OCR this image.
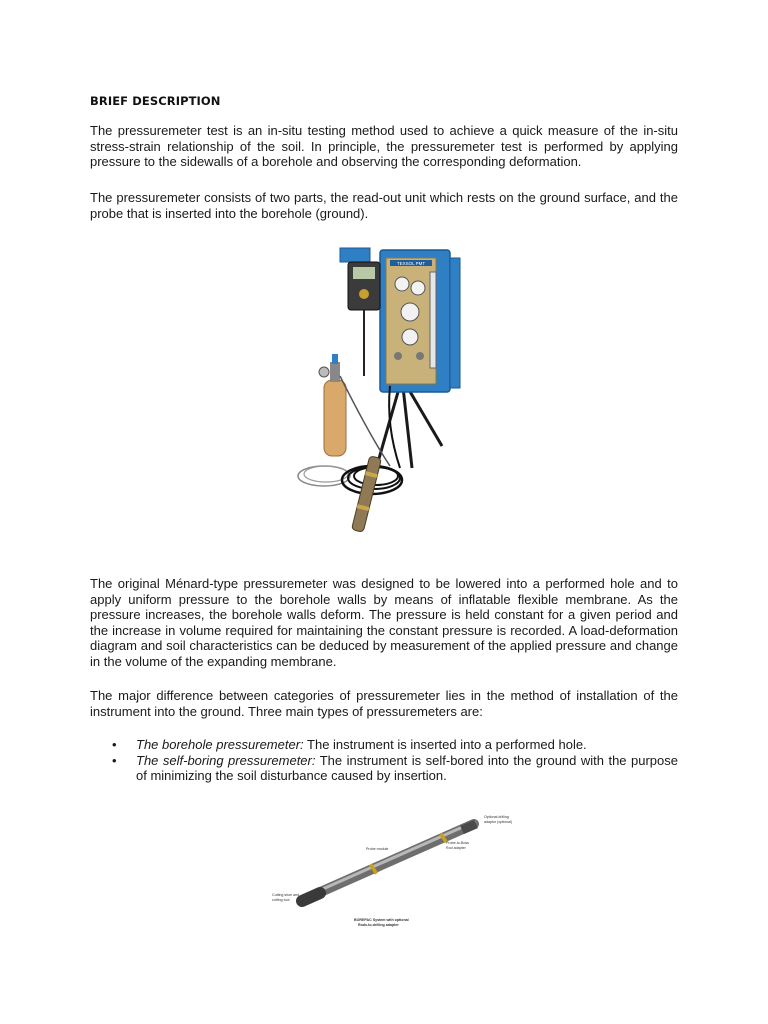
BRIEF DESCRIPTION

The pressuremeter test is an in-situ testing method used to achieve a quick measure of the in-situ stress-strain relationship of the soil. In principle, the pressuremeter test is performed by applying pressure to the sidewalls of a borehole and observing the corresponding deformation.

The pressuremeter consists of two parts, the read-out unit which rests on the ground surface, and the probe that is inserted into the borehole (ground).

The original Ménard-type pressuremeter was designed to be lowered into a performed hole and to apply uniform pressure to the borehole walls by means of inflatable flexible membrane. As the pressure increases, the borehole walls deform. The pressure is held constant for a given period and the increase in volume required for maintaining the constant pressure is recorded. A load-deformation diagram and soil characteristics can be deduced by measurement of the applied pressure and change in the volume of the expanding membrane.

The major difference between categories of pressuremeter lies in the method of installation of the instrument into the ground. Three main types of pressuremeters are:

• The borehole pressuremeter: The instrument is inserted into a performed hole.
• The self-boring pressuremeter: The instrument is self-bored into the ground with the purpose of minimizing the soil disturbance caused by insertion.
TEXSOL PMT
Optional drilling
adaptor (optional)
Probe module
Probe-to-Boss
Rod adapter
Cutting shoe and
cutting tool
BOREPAC System with optional
Rods-to-drilling adapter
